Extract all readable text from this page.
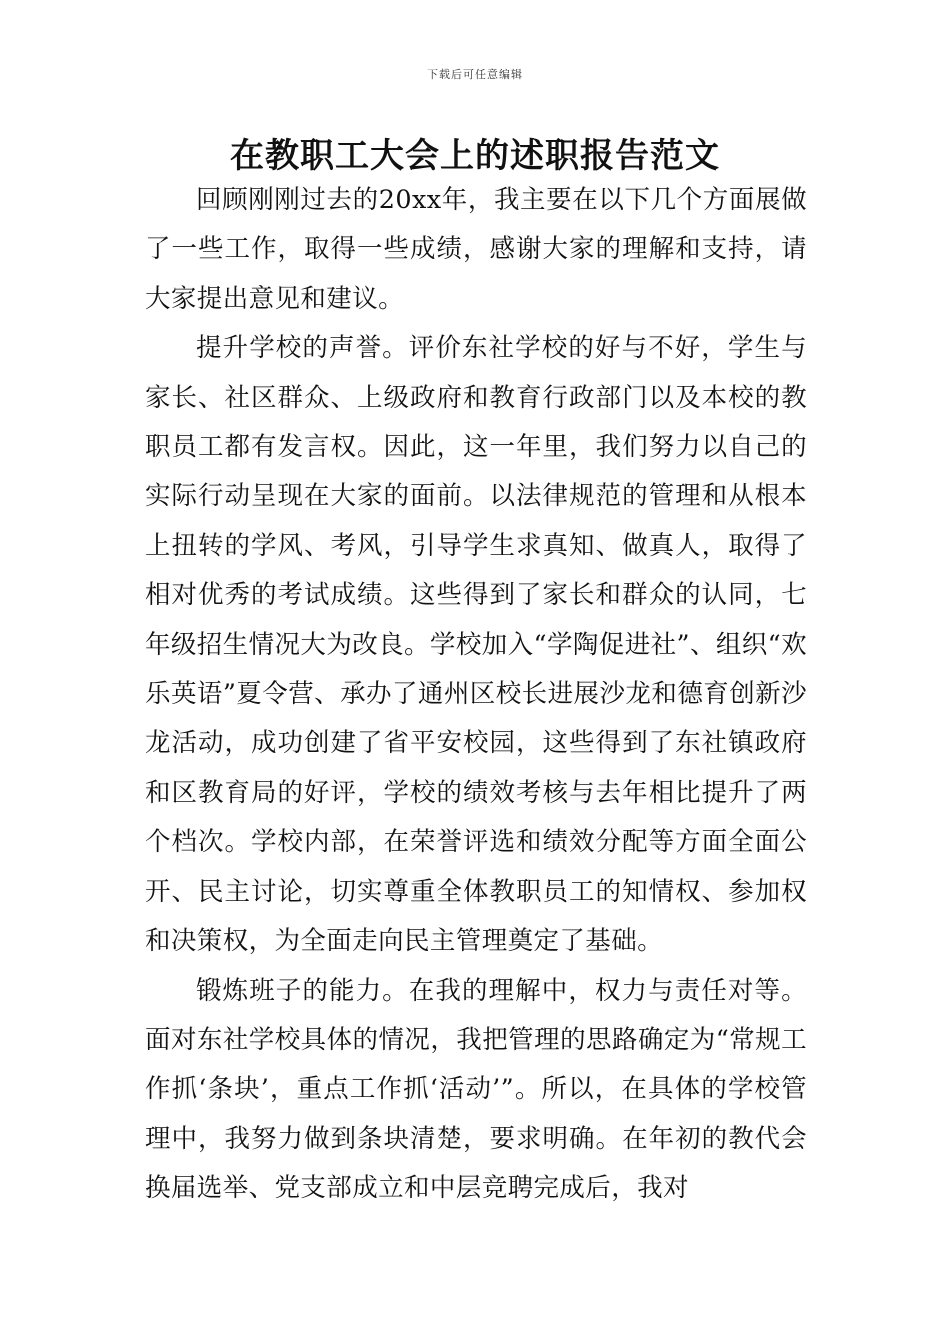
下载后可任意编辑
在教职工大会上的述职报告范文

回顾刚刚过去的20xx年，我主要在以下几个方面展做了一些工作，取得一些成绩，感谢大家的理解和支持，请大家提出意见和建议。

提升学校的声誉。评价东社学校的好与不好，学生与家长、社区群众、上级政府和教育行政部门以及本校的教职员工都有发言权。因此，这一年里，我们努力以自己的实际行动呈现在大家的面前。以法律规范的管理和从根本上扭转的学风、考风，引导学生求真知、做真人，取得了相对优秀的考试成绩。这些得到了家长和群众的认同，七年级招生情况大为改良。学校加入“学陶促进社”、组织“欢乐英语”夏令营、承办了通州区校长进展沙龙和德育创新沙龙活动，成功创建了省平安校园，这些得到了东社镇政府和区教育局的好评，学校的绩效考核与去年相比提升了两个档次。学校内部，在荣誉评选和绩效分配等方面全面公开、民主讨论，切实尊重全体教职员工的知情权、参加权和决策权，为全面走向民主管理奠定了基础。

锻炼班子的能力。在我的理解中，权力与责任对等。面对东社学校具体的情况，我把管理的思路确定为“常规工作抓‘条块’，重点工作抓‘活动’”。所以，在具体的学校管理中，我努力做到条块清楚，要求明确。在年初的教代会换届选举、党支部成立和中层竞聘完成后，我对
